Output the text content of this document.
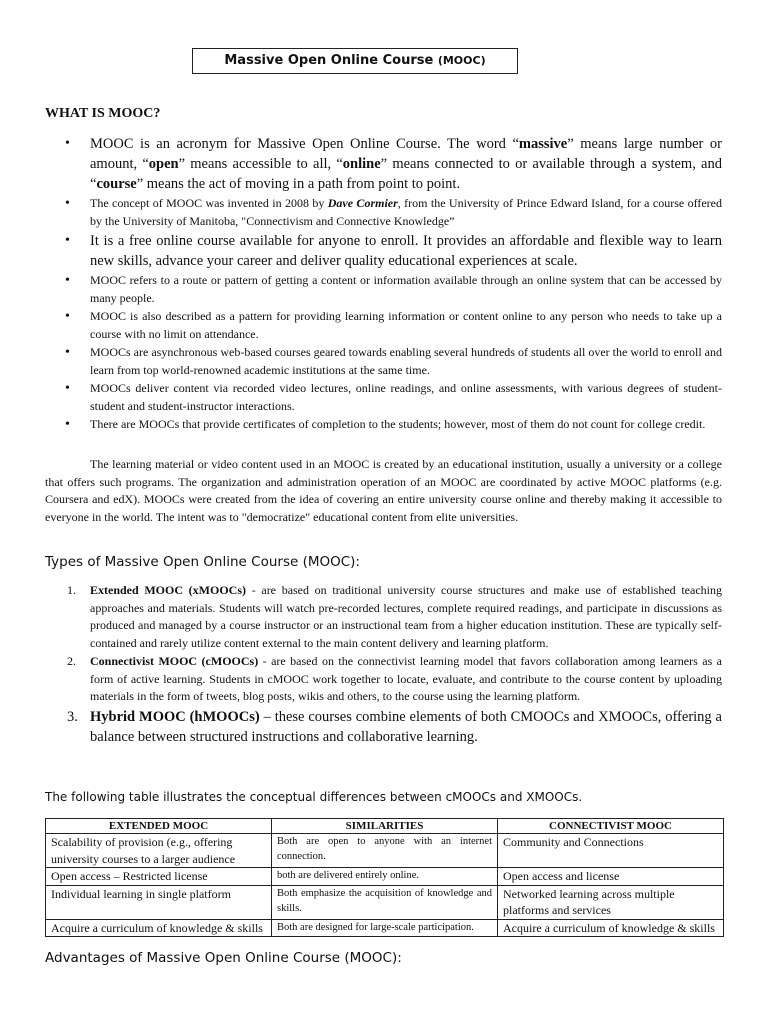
Massive Open Online Course (MOOC)
WHAT IS MOOC?
• MOOC is an acronym for Massive Open Online Course. The word “massive” means large number or amount, “open” means accessible to all, “online” means connected to or available through a system, and “course” means the act of moving in a path from point to point.
• The concept of MOOC was invented in 2008 by Dave Cormier, from the University of Prince Edward Island, for a course offered by the University of Manitoba, "Connectivism and Connective Knowledge”
• It is a free online course available for anyone to enroll. It provides an affordable and flexible way to learn new skills, advance your career and deliver quality educational experiences at scale.
• MOOC refers to a route or pattern of getting a content or information available through an online system that can be accessed by many people.
• MOOC is also described as a pattern for providing learning information or content online to any person who needs to take up a course with no limit on attendance.
• MOOCs are asynchronous web-based courses geared towards enabling several hundreds of students all over the world to enroll and learn from top world-renowned academic institutions at the same time.
• MOOCs deliver content via recorded video lectures, online readings, and online assessments, with various degrees of student-student and student-instructor interactions.
• There are MOOCs that provide certificates of completion to the students; however, most of them do not count for college credit.

The learning material or video content used in an MOOC is created by an educational institution, usually a university or a college that offers such programs. The organization and administration operation of an MOOC are coordinated by active MOOC platforms (e.g. Coursera and edX). MOOCs were created from the idea of covering an entire university course online and thereby making it accessible to everyone in the world. The intent was to "democratize" educational content from elite universities.

Types of Massive Open Online Course (MOOC):
1. Extended MOOC (xMOOCs) - are based on traditional university course structures and make use of established teaching approaches and materials. Students will watch pre-recorded lectures, complete required readings, and participate in discussions as produced and managed by a course instructor or an instructional team from a higher education institution. These are typically self-contained and rarely utilize content external to the main content delivery and learning platform.
2. Connectivist MOOC (cMOOCs) - are based on the connectivist learning model that favors collaboration among learners as a form of active learning. Students in cMOOC work together to locate, evaluate, and contribute to the course content by uploading materials in the form of tweets, blog posts, wikis and others, to the course using the learning platform.
3. Hybrid MOOC (hMOOCs) – these courses combine elements of both CMOOCs and XMOOCs, offering a balance between structured instructions and collaborative learning.

The following table illustrates the conceptual differences between cMOOCs and XMOOCs.

EXTENDED MOOC	SIMILARITIES	CONNECTIVIST MOOC
Scalability of provision (e.g., offering university courses to a larger audience	Both are open to anyone with an internet connection.	Community and Connections
Open access – Restricted license	both are delivered entirely online.	Open access and license
Individual learning in single platform	Both emphasize the acquisition of knowledge and skills.	Networked learning across multiple platforms and services
Acquire a curriculum of knowledge & skills	Both are designed for large-scale participation.	Acquire a curriculum of knowledge & skills
Advantages of Massive Open Online Course (MOOC):
